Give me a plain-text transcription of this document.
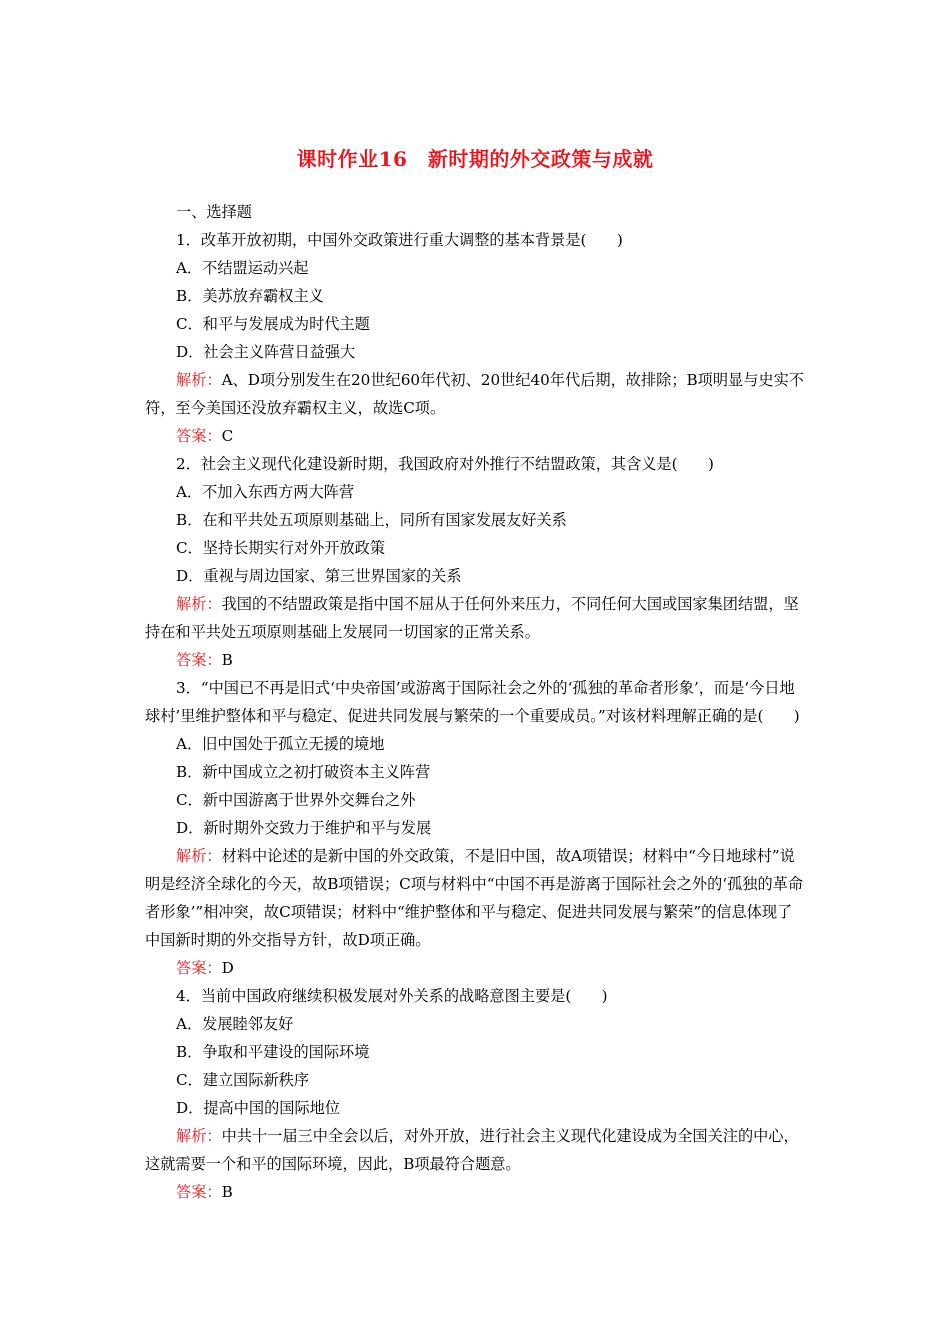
课时作业16　新时期的外交政策与成就

一、选择题

1．改革开放初期，中国外交政策进行重大调整的基本背景是(　　)

A．不结盟运动兴起

B．美苏放弃霸权主义

C．和平与发展成为时代主题

D．社会主义阵营日益强大

解析：A、D项分别发生在20世纪60年代初、20世纪40年代后期，故排除；B项明显与史实不符，至今美国还没放弃霸权主义，故选C项。

答案：C

2．社会主义现代化建设新时期，我国政府对外推行不结盟政策，其含义是(　　)

A．不加入东西方两大阵营

B．在和平共处五项原则基础上，同所有国家发展友好关系

C．坚持长期实行对外开放政策

D．重视与周边国家、第三世界国家的关系

解析：我国的不结盟政策是指中国不屈从于任何外来压力，不同任何大国或国家集团结盟，坚持在和平共处五项原则基础上发展同一切国家的正常关系。

答案：B

3．“中国已不再是旧式‘中央帝国’或游离于国际社会之外的‘孤独的革命者形象’，而是‘今日地球村’里维护整体和平与稳定、促进共同发展与繁荣的一个重要成员。”对该材料理解正确的是(　　)

A．旧中国处于孤立无援的境地

B．新中国成立之初打破资本主义阵营

C．新中国游离于世界外交舞台之外

D．新时期外交致力于维护和平与发展

解析：材料中论述的是新中国的外交政策，不是旧中国，故A项错误；材料中“今日地球村”说明是经济全球化的今天，故B项错误；C项与材料中“中国不再是游离于国际社会之外的‘孤独的革命者形象’”相冲突，故C项错误；材料中“维护整体和平与稳定、促进共同发展与繁荣”的信息体现了中国新时期的外交指导方针，故D项正确。

答案：D

4．当前中国政府继续积极发展对外关系的战略意图主要是(　　)

A．发展睦邻友好

B．争取和平建设的国际环境

C．建立国际新秩序

D．提高中国的国际地位

解析：中共十一届三中全会以后，对外开放，进行社会主义现代化建设成为全国关注的中心，这就需要一个和平的国际环境，因此，B项最符合题意。

答案：B
